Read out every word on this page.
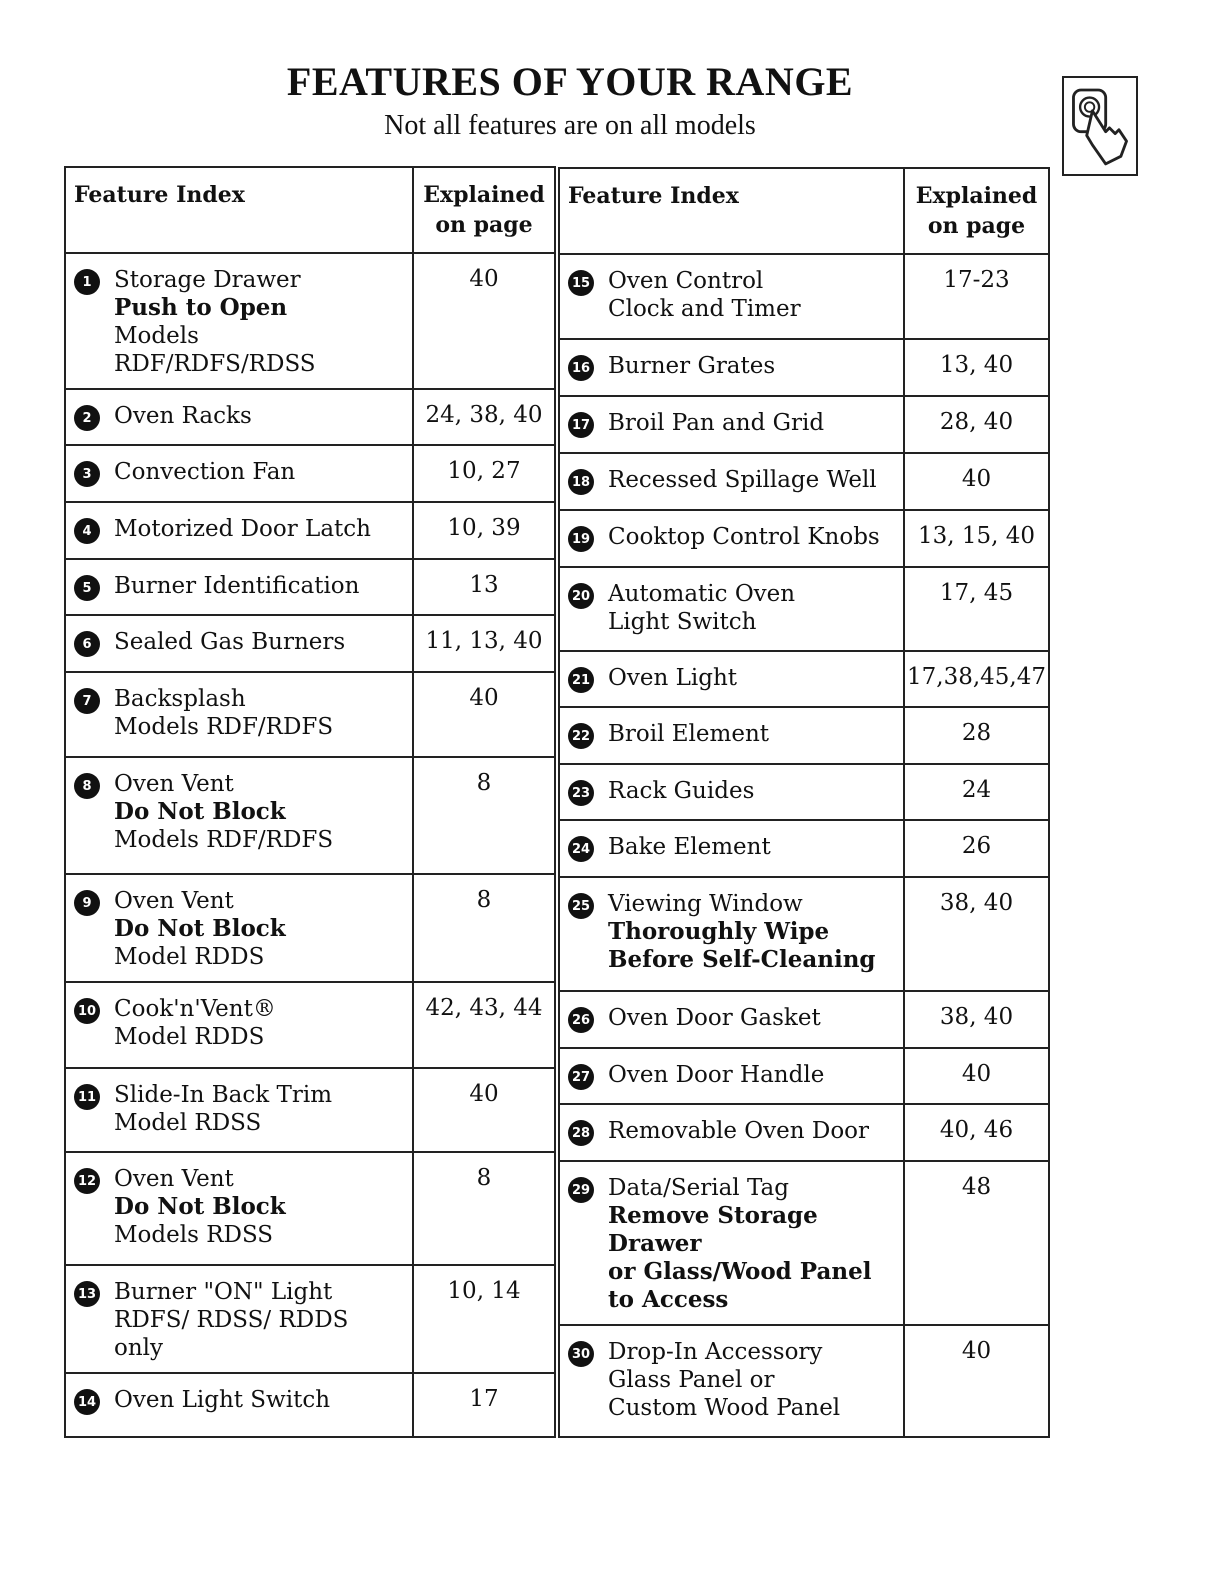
FEATURES OF YOUR RANGE
Not all features are on all models
Feature Index	Explained on page

1 Storage Drawer
Push to Open
Models RDF/RDFS/RDSS	40

2 Oven Racks	24, 38, 40

3 Convection Fan	10, 27

4 Motorized Door Latch	10, 39

5 Burner Identification	13

6 Sealed Gas Burners	11, 13, 40

7 Backsplash
Models RDF/RDFS	40

8 Oven Vent
Do Not Block
Models RDF/RDFS	8

9 Oven Vent
Do Not Block
Model RDDS	8

10 Cook'n'Vent®
Model RDDS	42, 43, 44

11 Slide-In Back Trim
Model RDSS	40

12 Oven Vent
Do Not Block
Models RDSS	8

13 Burner "ON" Light
RDFS/ RDSS/ RDDS
only	10, 14

14 Oven Light Switch	17
Feature Index	Explained on page

15 Oven Control
Clock and Timer	17-23

16 Burner Grates	13, 40

17 Broil Pan and Grid	28, 40

18 Recessed Spillage Well	40

19 Cooktop Control Knobs	13, 15, 40

20 Automatic Oven
Light Switch	17, 45

21 Oven Light	17,38,45,47

22 Broil Element	28

23 Rack Guides	24

24 Bake Element	26

25 Viewing Window
Thoroughly Wipe
Before Self-Cleaning	38, 40

26 Oven Door Gasket	38, 40

27 Oven Door Handle	40

28 Removable Oven Door	40, 46

29 Data/Serial Tag
Remove Storage Drawer
or Glass/Wood Panel
to Access	48

30 Drop-In Accessory
Glass Panel or
Custom Wood Panel	40
